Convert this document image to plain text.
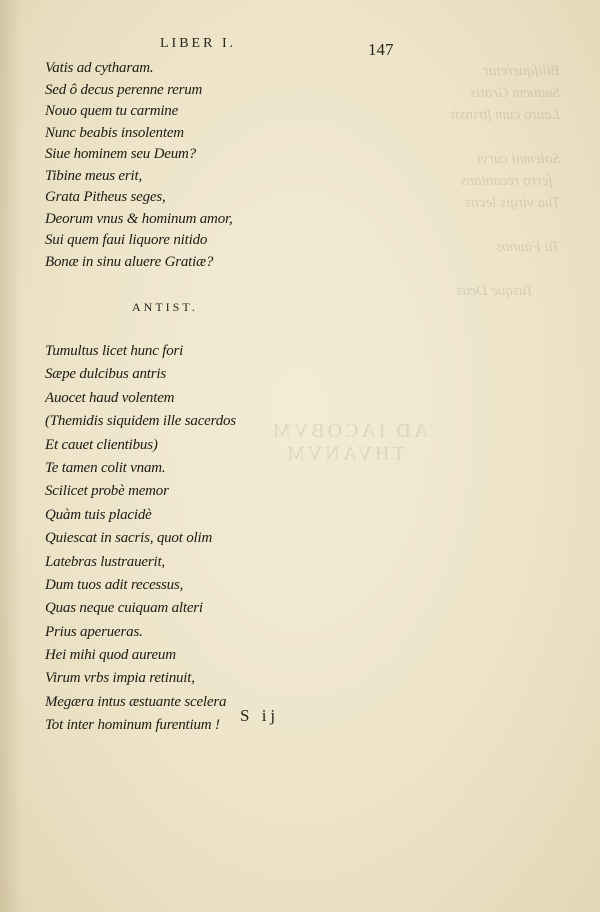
Biliſqueretur
Suauem Gratis
Lauro cum ſtrinxit

Solemni curvi
ferro recantans
Tua virgis lectis

Tu Faunos

Tusque Deus
AD IACOBVM
THVANVM
LIBER I.	147
Vatis ad cytharam.
Sed ô decus perenne rerum
Nouo quem tu carmine
Nunc beabis insolentem
Siue hominem seu Deum?
Tibine meus erit,
Grata Pitheus seges,
Deorum vnus & hominum amor,
Sui quem faui liquore nitido
Bonæ in sinu aluere Gratiæ?
ANTIST.
Tumultus licet hunc fori
Sæpe dulcibus antris
Auocet haud volentem
(Themidis siquidem ille sacerdos
Et cauet clientibus)
Te tamen colit vnam.
Scilicet probè memor
Quàm tuis placidè
Quiescat in sacris, quot olim
Latebras lustrauerit,
Dum tuos adit recessus,
Quas neque cuiquam alteri
Prius aperueras.
Hei mihi quod aureum
Virum vrbs impia retinuit,
Megæra intus æstuante scelera
Tot inter hominum furentium !
S ij
